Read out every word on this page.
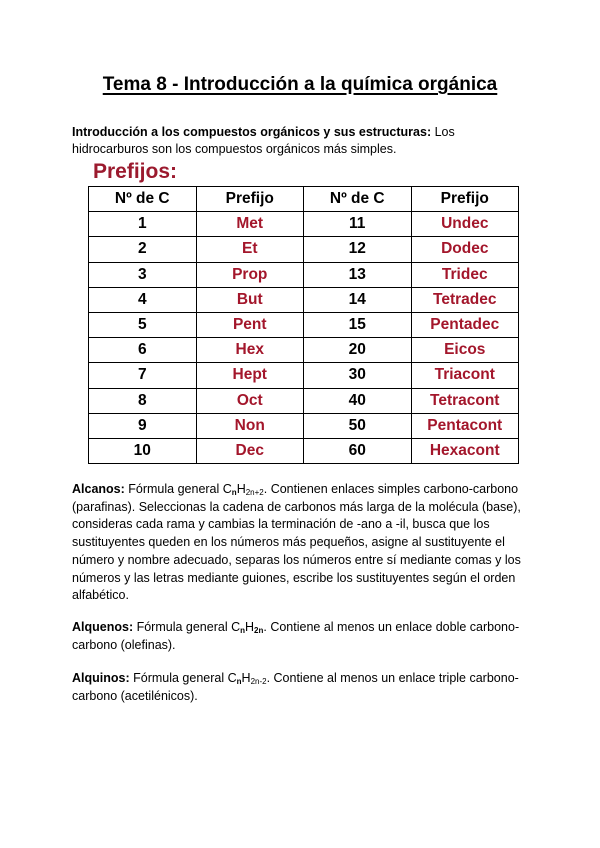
Tema 8 - Introducción a la química orgánica

Introducción a los compuestos orgánicos y sus estructuras: Los hidrocarburos son los compuestos orgánicos más simples.

Prefijos:
Nº de C	Prefijo	Nº de C	Prefijo
1	Met	11	Undec
2	Et	12	Dodec
3	Prop	13	Tridec
4	But	14	Tetradec
5	Pent	15	Pentadec
6	Hex	20	Eicos
7	Hept	30	Triacont
8	Oct	40	Tetracont
9	Non	50	Pentacont
10	Dec	60	Hexacont

Alcanos: Fórmula general $C_nH_{2n+2}$. Contienen enlaces simples carbono-carbono (parafinas). Seleccionas la cadena de carbonos más larga de la molécula (base), consideras cada rama y cambias la terminación de -ano a -il, busca que los sustituyentes queden en los números más pequeños, asigne al sustituyente el número y nombre adecuado, separas los números entre sí mediante comas y los números y las letras mediante guiones, escribe los sustituyentes según el orden alfabético.

Alquenos: Fórmula general $C_nH_{2n}$. Contiene al menos un enlace doble carbono-carbono (olefinas).

Alquinos: Fórmula general $C_nH_{2n-2}$. Contiene al menos un enlace triple carbono-carbono (acetilénicos).
